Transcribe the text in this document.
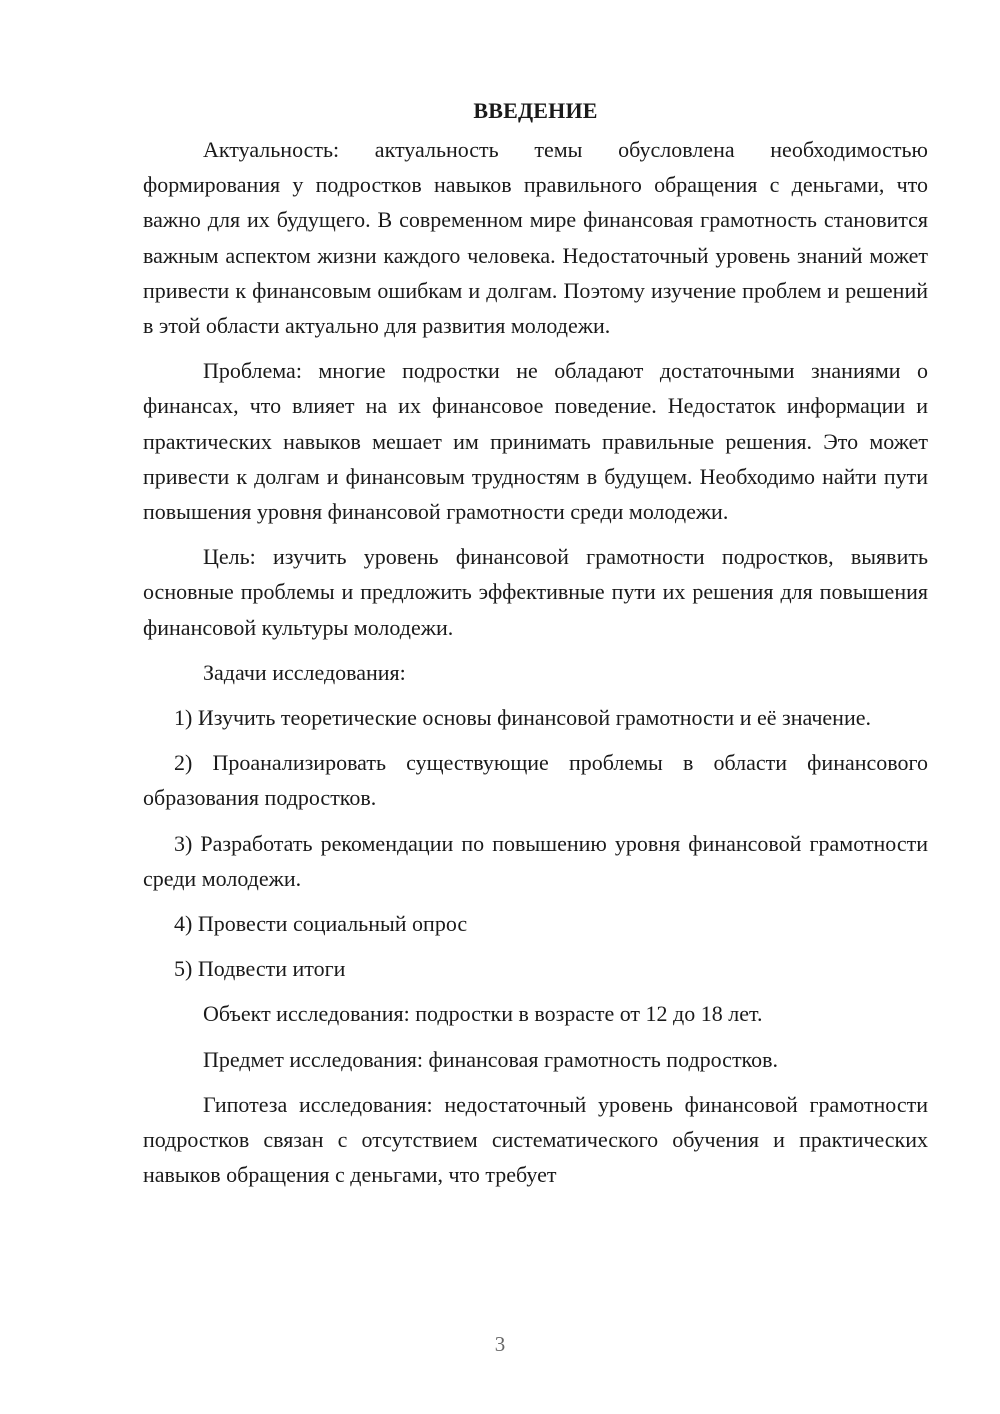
ВВЕДЕНИЕ

Актуальность: актуальность темы обусловлена необходимостью формирования у подростков навыков правильного обращения с деньгами, что важно для их будущего. В современном мире финансовая грамотность становится важным аспектом жизни каждого человека. Недостаточный уровень знаний может привести к финансовым ошибкам и долгам. Поэтому изучение проблем и решений в этой области актуально для развития молодежи.

Проблема: многие подростки не обладают достаточными знаниями о финансах, что влияет на их финансовое поведение. Недостаток информации и практических навыков мешает им принимать правильные решения. Это может привести к долгам и финансовым трудностям в будущем. Необходимо найти пути повышения уровня финансовой грамотности среди молодежи.

Цель: изучить уровень финансовой грамотности подростков, выявить основные проблемы и предложить эффективные пути их решения для повышения финансовой культуры молодежи.

Задачи исследования:

1) Изучить теоретические основы финансовой грамотности и её значение.

2) Проанализировать существующие проблемы в области финансового образования подростков.

3) Разработать рекомендации по повышению уровня финансовой грамотности среди молодежи.

4) Провести социальный опрос

5) Подвести итоги

Объект исследования: подростки в возрасте от 12 до 18 лет.

Предмет исследования: финансовая грамотность подростков.

Гипотеза исследования: недостаточный уровень финансовой грамотности подростков связан с отсутствием систематического обучения и практических навыков обращения с деньгами, что требует

3
